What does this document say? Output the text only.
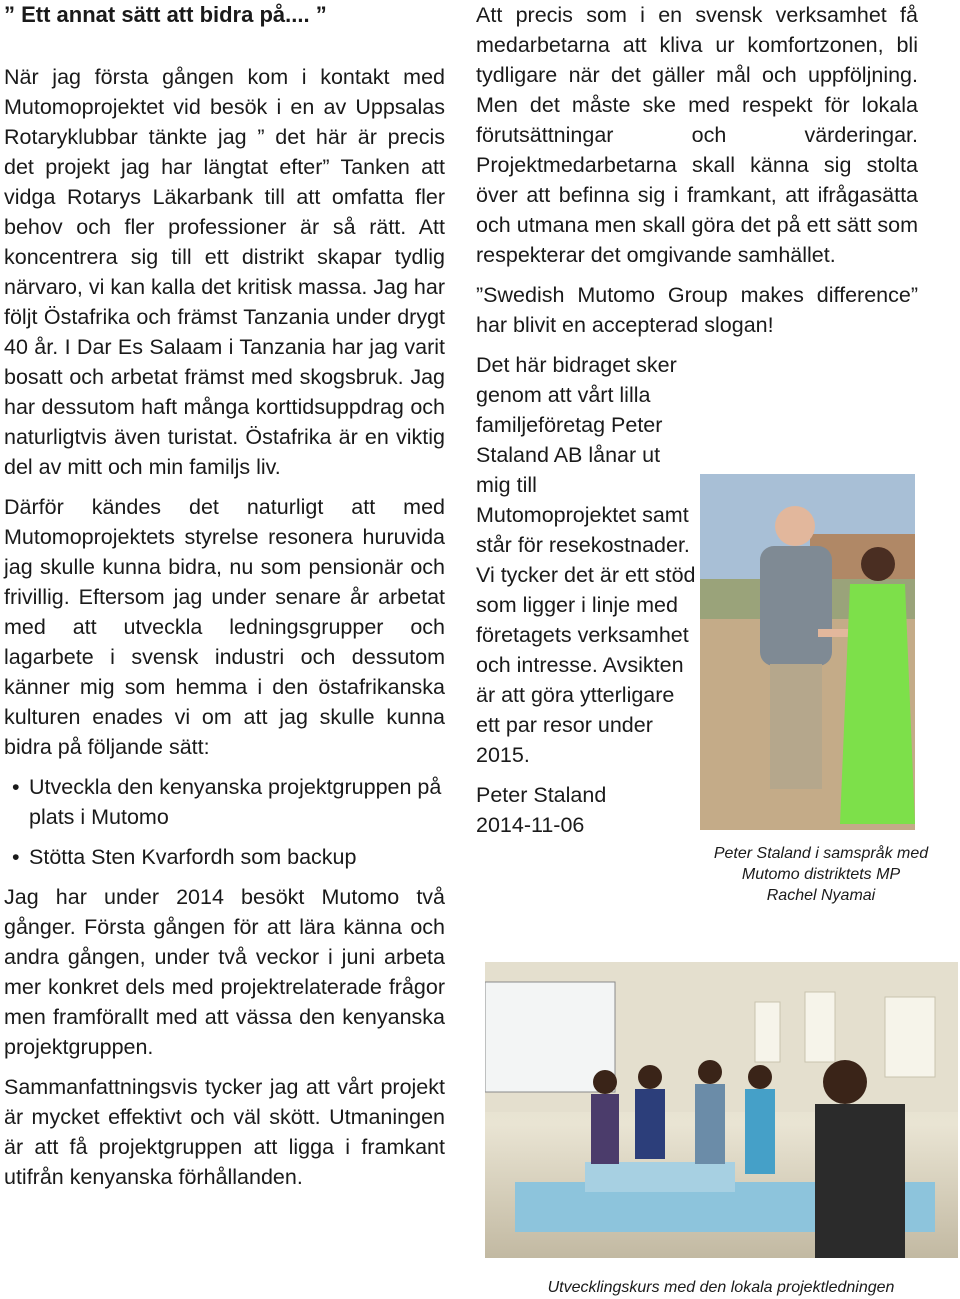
” Ett annat sätt att bidra på.... ”

När jag första gången kom i kontakt med Mutomoprojektet vid besök i en av Uppsalas Rotaryklubbar tänkte jag ” det här är precis det projekt jag har längtat efter” Tanken att vidga Rotarys Läkarbank till att omfatta fler behov och fler professioner är så rätt. Att koncentrera sig till ett distrikt skapar tydlig närvaro, vi kan kalla det kritisk massa. Jag har följt Östafrika och främst Tanzania under drygt 40 år. I Dar Es Salaam i Tanzania har jag varit bosatt och arbetat främst med skogsbruk. Jag har dessutom haft många korttidsuppdrag och naturligtvis även turistat. Östafrika är en viktig del av mitt och min familjs liv.

Därför kändes det naturligt att med Mutomoprojektets styrelse resonera huruvida jag skulle kunna bidra, nu som pensionär och frivillig. Eftersom jag under senare år arbetat med att utveckla ledningsgrupper och lagarbete i svensk industri och dessutom känner mig som hemma i den östafrikanska kulturen enades vi om att jag skulle kunna bidra på följande sätt:

• Utveckla den kenyanska projektgruppen på plats i Mutomo
• Stötta Sten Kvarfordh som backup

Jag har under 2014 besökt Mutomo två gånger. Första gången för att lära känna och andra gången, under två veckor i juni arbeta mer konkret dels med projektrelaterade frågor men framförallt med att vässa den kenyanska projektgruppen.

Sammanfattningsvis tycker jag att vårt projekt är mycket effektivt och väl skött. Utmaningen är att få projektgruppen att ligga i framkant utifrån kenyanska förhållanden.

Att precis som i en svensk verksamhet få medarbetarna att kliva ur komfortzonen, bli tydligare när det gäller mål och uppföljning. Men det måste ske med respekt för lokala förutsättningar och värderingar. Projektmedarbetarna skall känna sig stolta över att befinna sig i framkant, att ifrågasätta och utmana men skall göra det på ett sätt som respekterar det omgivande samhället.

”Swedish Mutomo Group makes difference” har blivit en accepterad slogan!

Det här bidraget sker genom att vårt lilla familjeföretag Peter Staland AB lånar ut mig till Mutomoprojektet samt står för resekostnader. Vi tycker det är ett stöd som ligger i linje med företagets verksamhet och intresse. Avsikten är att göra ytterligare ett par resor under 2015.

Peter Staland
2014-11-06
Peter Staland i samspråk med
Mutomo distriktets MP
Rachel Nyamai
Utvecklingskurs med den lokala projektledningen
